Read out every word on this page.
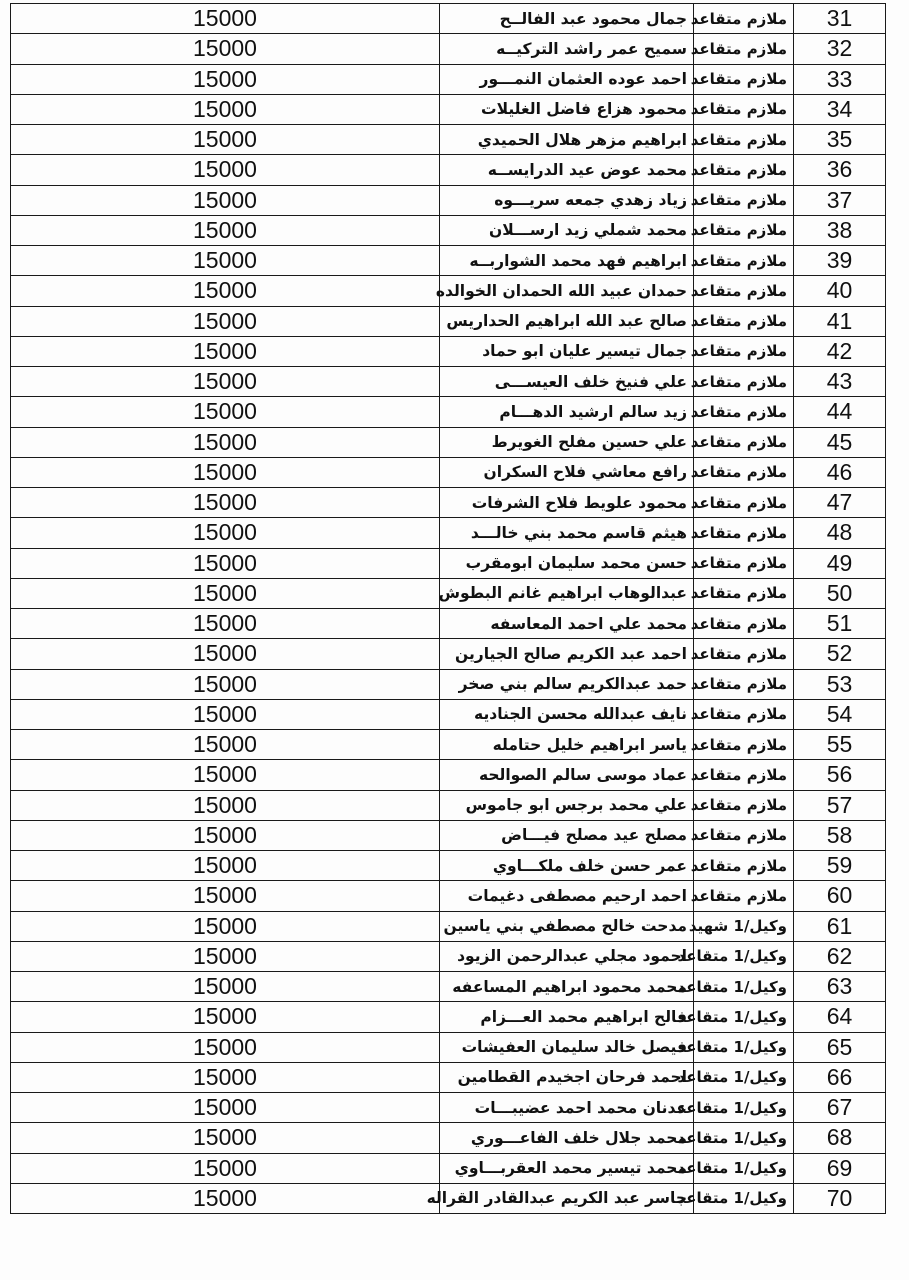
31	ملازم متقاعد	جمال محمود عبد الفالــح	15000
32	ملازم متقاعد	سميح عمر راشد التركيــه	15000
33	ملازم متقاعد	احمد عوده العثمان النمـــور	15000
34	ملازم متقاعد	محمود هزاع فاضل الغليلات	15000
35	ملازم متقاعد	ابراهيم مزهر هلال الحميدي	15000
36	ملازم متقاعد	محمد عوض عيد الدرايســه	15000
37	ملازم متقاعد	زياد زهدي جمعه سريـــوه	15000
38	ملازم متقاعد	محمد شملي زيد ارســـلان	15000
39	ملازم متقاعد	ابراهيم فهد محمد الشواربــه	15000
40	ملازم متقاعد	حمدان عبيد الله الحمدان الخوالده	15000
41	ملازم متقاعد	صالح عبد الله ابراهيم الحداريس	15000
42	ملازم متقاعد	جمال تيسير عليان ابو حماد	15000
43	ملازم متقاعد	علي فنيخ خلف العيســـى	15000
44	ملازم متقاعد	زيد سالم ارشيد الدهـــام	15000
45	ملازم متقاعد	علي حسين مفلح الغويرط	15000
46	ملازم متقاعد	رافع معاشي فلاح السكران	15000
47	ملازم متقاعد	محمود علويط فلاح الشرفات	15000
48	ملازم متقاعد	هيثم قاسم محمد بني خالـــد	15000
49	ملازم متقاعد	حسن محمد سليمان ابومقرب	15000
50	ملازم متقاعد	عبدالوهاب ابراهيم غانم البطوش	15000
51	ملازم متقاعد	محمد علي احمد المعاسفه	15000
52	ملازم متقاعد	احمد عبد الكريم صالح الجيارين	15000
53	ملازم متقاعد	حمد عبدالكريم سالم بني صخر	15000
54	ملازم متقاعد	نايف عبدالله محسن الجناديه	15000
55	ملازم متقاعد	ياسر ابراهيم خليل حتامله	15000
56	ملازم متقاعد	عماد موسى سالم الصوالحه	15000
57	ملازم متقاعد	علي محمد برجس ابو جاموس	15000
58	ملازم متقاعد	مصلح عيد مصلح فيـــاض	15000
59	ملازم متقاعد	عمر حسن خلف ملكـــاوي	15000
60	ملازم متقاعد	احمد ارحيم مصطفى دغيمات	15000
61	وكيل/1 شهيد	مدحت خالح مصطفي بني ياسين	15000
62	وكيل/1 متقاعد	احمود مجلي عبدالرحمن الزيود	15000
63	وكيل/1 متقاعد	محمد محمود ابراهيم المساعفه	15000
64	وكيل/1 متقاعد	فالح ابراهيم محمد العـــزام	15000
65	وكيل/1 متقاعد	فيصل خالد سليمان العفيشات	15000
66	وكيل/1 متقاعد	احمد فرحان اجخيدم القطامين	15000
67	وكيل/1 متقاعد	عدنان محمد احمد عضيبـــات	15000
68	وكيل/1 متقاعد	محمد جلال خلف الفاعـــوري	15000
69	وكيل/1 متقاعد	محمد تيسير محمد العقربـــاوي	15000
70	وكيل/1 متقاعد	جاسر عبد الكريم عبدالقادر القراله	15000
